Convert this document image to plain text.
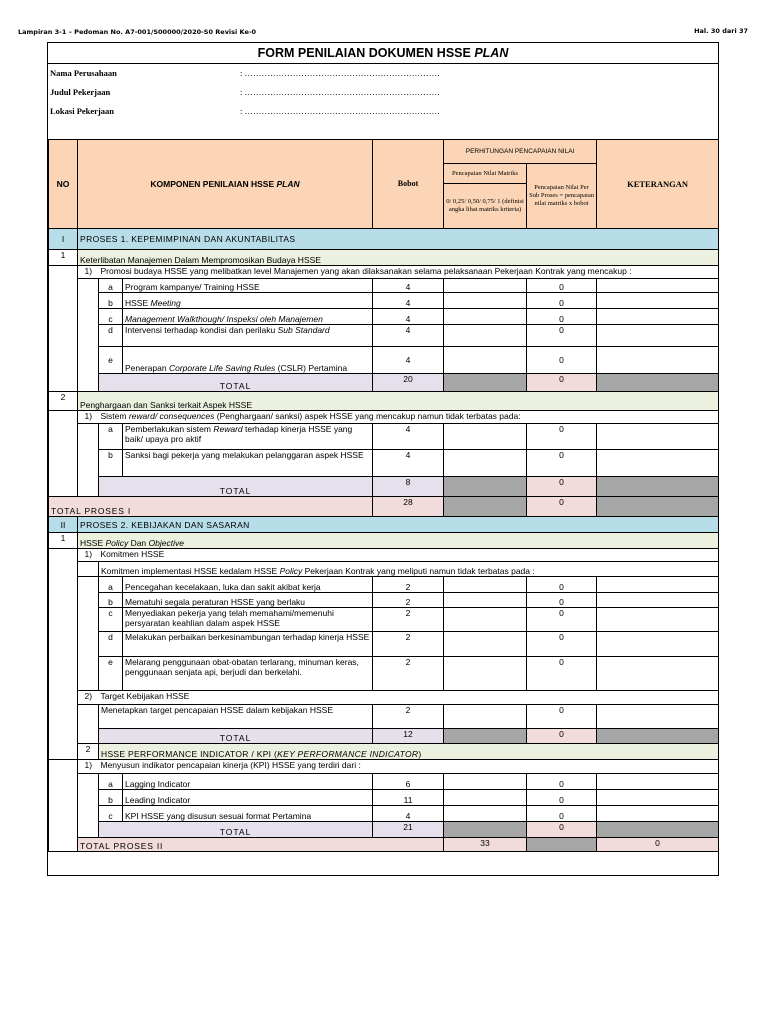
Lampiran 3-1 – Pedoman No. A7-001/S00000/2020-S0 Revisi Ke-0	Hal. 30 dari 37
FORM PENILAIAN DOKUMEN HSSE PLAN
Nama Perusahaan	: ……………………………………………………………
Judul Pekerjaan	: ……………………………………………………………
Lokasi Pekerjaan	: ……………………………………………………………
NO	KOMPONEN PENILAIAN HSSE PLAN			Bobot	PERHITUNGAN PENCAPAIAN NILAI		KETERANGAN	
					Pencapaian Nilai Matriks	Pencapaian Nilai Per Sub Proses = pencapaian nilai matriks x bobot		
					0/ 0,25/ 0,50/ 0,75/ 1 (definisi angka lihat matriks kriteria)			
I	PROSES 1. KEPEMIMPINAN DAN AKUNTABILITAS							
1	Keterlibatan Manajemen Dalam Mempromosikan Budaya HSSE							
	1)	Promosi budaya HSSE yang melibatkan level Manajemen yang akan dilaksanakan selama pelaksanaan Pekerjaan Kontrak yang mencakup :						
		a	Program kampanye/ Training HSSE	4		0		
		b	HSSE Meeting	4		0		
		c	Management Walkthough/ Inspeksi oleh Manajemen	4		0		
		d	Intervensi terhadap kondisi dan perilaku Sub Standard	4		0		
		e	Penerapan Corporate Life Saving Rules (CSLR) Pertamina	4		0		
		TOTAL		20		0		
2	Penghargaan dan Sanksi terkait Aspek HSSE							
	1)	Sistem reward/ consequences (Penghargaan/ sanksi) aspek HSSE yang mencakup namun tidak terbatas pada:						
		a	Pemberlakukan sistem Reward terhadap kinerja HSSE yang baik/ upaya pro aktif	4		0		
		b	Sanksi bagi pekerja yang melakukan pelanggaran aspek HSSE	4		0		
		TOTAL		8		0		
TOTAL PROSES I				28		0		
II	PROSES 2. KEBIJAKAN DAN SASARAN							
1	HSSE Policy Dan Objective							
	1)	Komitmen HSSE						
		Komitmen implementasi HSSE kedalam HSSE Policy Pekerjaan Kontrak yang meliputi namun tidak terbatas pada :						
		a	Pencegahan kecelakaan, luka dan sakit akibat kerja	2		0		
		b	Mematuhi segala peraturan HSSE yang berlaku	2		0		
		c	Menyediakan pekerja yang telah memahami/memenuhi persyaratan keahlian dalam aspek HSSE	2		0		
		d	Melakukan perbaikan berkesinambungan terhadap kinerja HSSE	2		0		
		e	Melarang penggunaan obat-obatan terlarang, minuman keras, penggunaan senjata api, berjudi dan berkelahi.	2		0		
	2)	Target Kebijakan HSSE						
		Menetapkan target pencapaian HSSE dalam kebijakan HSSE		2		0		
		TOTAL		12		0		
	2	HSSE PERFORMANCE INDICATOR / KPI (KEY PERFORMANCE INDICATOR)						
	1)	Menyusun indikator pencapaian kinerja (KPI) HSSE yang terdiri dari :						
		a	Lagging Indicator	6		0		
		b	Leading Indicator	11		0		
		c	KPI HSSE yang disusun sesuai format Pertamina	4		0		
		TOTAL		21		0		
	TOTAL PROSES II				33		0	
